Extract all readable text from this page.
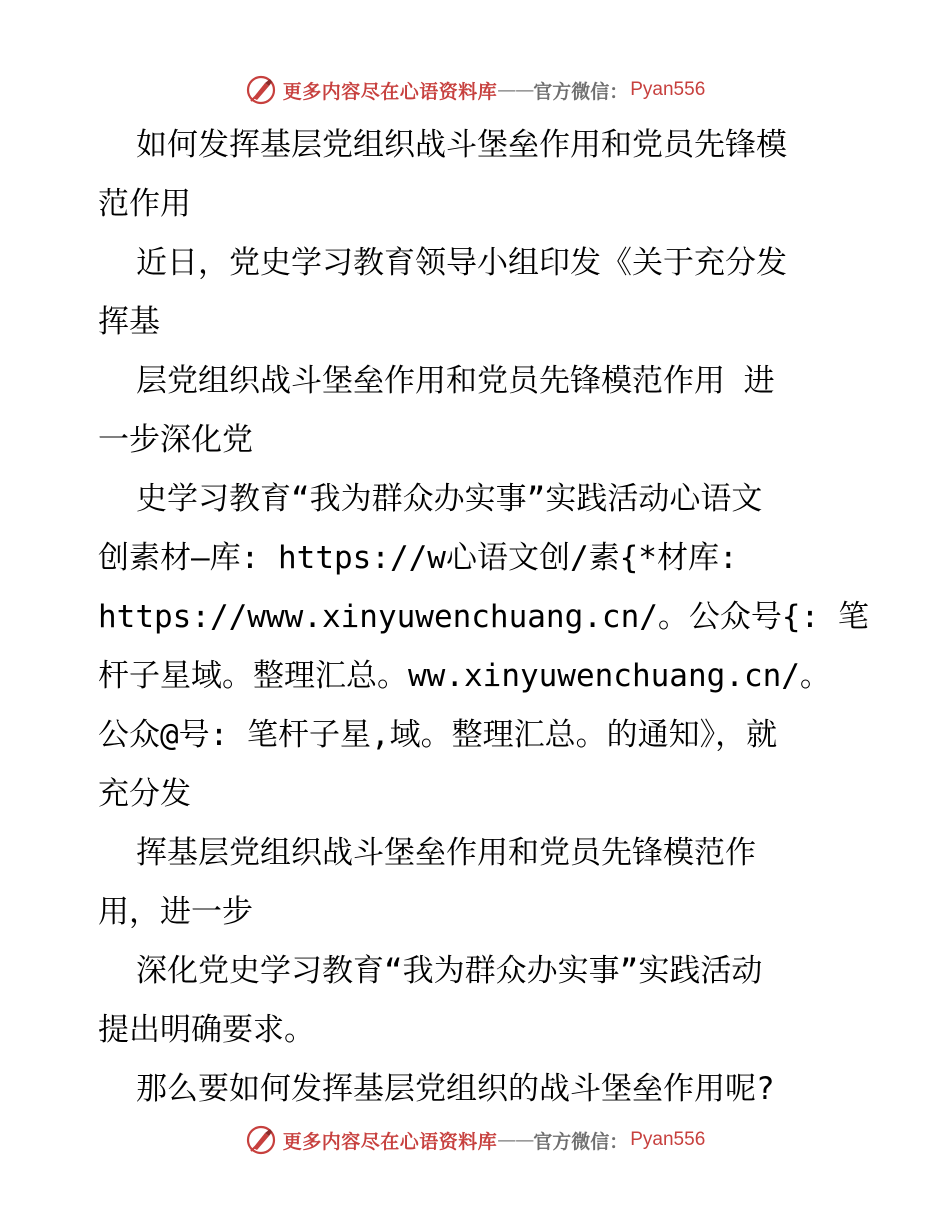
更多内容尽在心语资料库 —— 官方微信： Pyan556
如何发挥基层党组织战斗堡垒作用和党员先锋模
范作用
近日，党史学习教育领导小组印发《关于充分发
挥基
层党组织战斗堡垒作用和党员先锋模范作用 进
一步深化党
史学习教育“我为群众办实事”实践活动心语文
创素材—库: https://w心语文创/素{*材库:
https://www.xinyuwenchuang.cn/。公众号{: 笔
杆子星域。整理汇总。ww.xinyuwenchuang.cn/。
公众@号: 笔杆子星,域。整理汇总。的通知》，就
充分发
挥基层党组织战斗堡垒作用和党员先锋模范作
用，进一步
深化党史学习教育“我为群众办实事”实践活动
提出明确要求。
那么要如何发挥基层党组织的战斗堡垒作用呢?
更多内容尽在心语资料库 —— 官方微信： Pyan556
